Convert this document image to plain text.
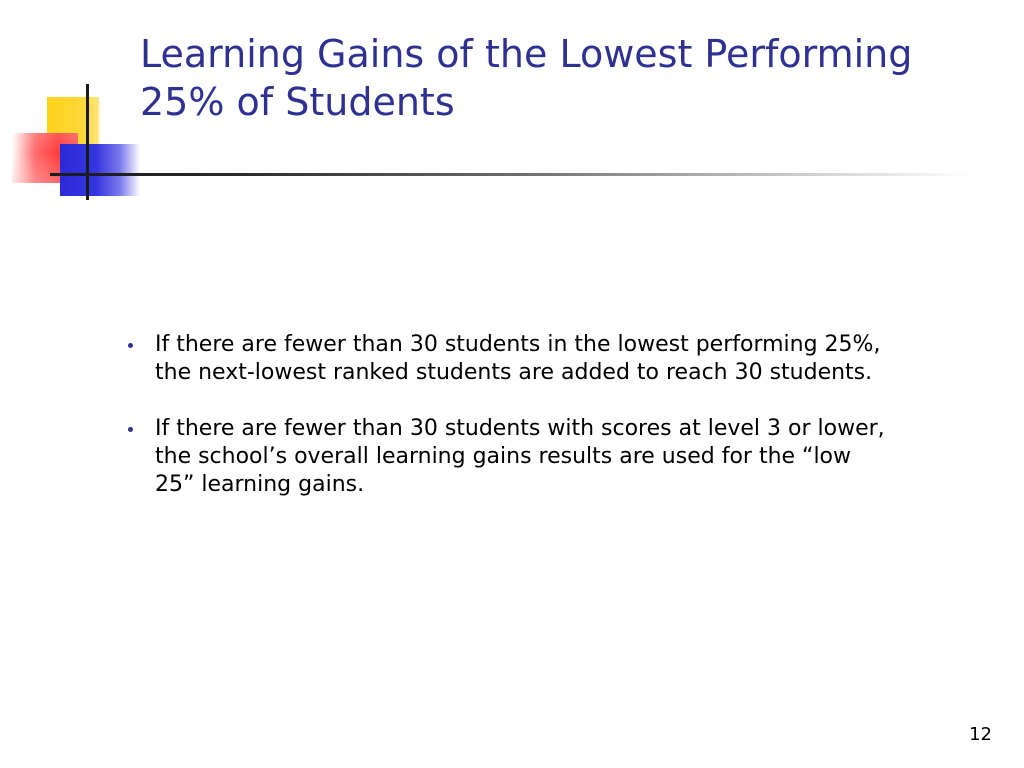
Learning Gains of the Lowest Performing 25% of Students
If there are fewer than 30 students in the lowest performing 25%, the next-lowest ranked students are added to reach 30 students.
If there are fewer than 30 students with scores at level 3 or lower, the school’s overall learning gains results are used for the “low 25” learning gains.
12
